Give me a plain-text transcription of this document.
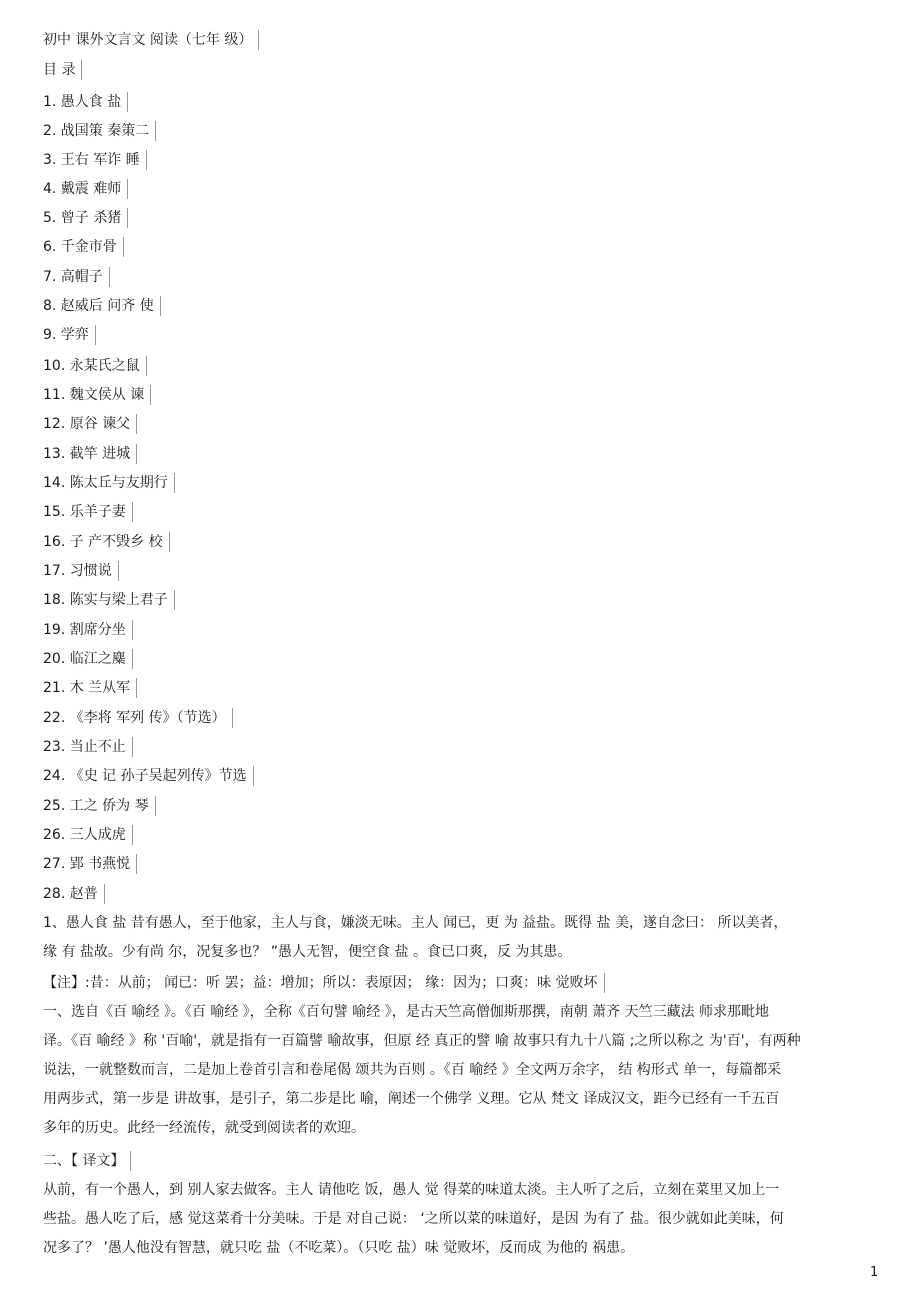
初中 课外文言文 阅读（七年 级）
目 录
1. 愚人食 盐
2. 战国策 秦策二
3. 王右 军诈 睡
4. 戴震 难师
5. 曾子 杀猪
6. 千金市骨
7. 高帽子
8. 赵威后 问齐 使
9. 学弈
10. 永某氏之鼠
11. 魏文侯从 谏
12. 原谷 谏父
13. 截竿 进城
14. 陈太丘与友期行
15. 乐羊子妻
16. 子 产不毁乡 校
17. 习惯说
18. 陈实与梁上君子
19. 割席分坐
20. 临江之麋
21. 木 兰从军
22. 《李将 军列 传》（节选）
23. 当止不止
24. 《史 记 孙子吴起列传》节选
25. 工之 侨为 琴
26. 三人成虎
27. 郢 书燕悦
28. 赵普
1、愚人食 盐 昔有愚人，至于他家，主人与食，嫌淡无味。主人 闻已，更 为 益盐。既得 盐 美，遂自念曰： 所以美者，
缘 有 盐故。少有尚 尔，况复多也？ ”愚人无智，便空食 盐 。食已口爽，反 为其患。
【注】:昔：从前； 闻已：听 罢；益：增加；所以：表原因； 缘：因为；口爽：味 觉败坏
一、选自《百 喻经 》。《百 喻经 》，全称《百句譬 喻经 》，是古天竺高僧伽斯那撰，南朝 萧齐 天竺三藏法 师求那毗地
译。《百 喻经 》称 '百喻'，就是指有一百篇譬 喻故事，但原 经 真正的譬 喻 故事只有九十八篇 ;之所以称之 为'百'，有两种
说法，一就整数而言，二是加上卷首引言和卷尾偈 颂共为百则 。《百 喻经 》全文两万余字， 结 构形式 单一，每篇都采
用两步式，第一步是 讲故事，是引子，第二步是比 喻，阐述一个佛学 义理。它从 梵文 译成汉文，距今已经有一千五百
多年的历史。此经一经流传，就受到阅读者的欢迎。
二、【 译文】
从前，有一个愚人，到 别人家去做客。主人 请他吃 饭，愚人 觉 得菜的味道太淡。主人听了之后，立刻在菜里又加上一
些盐。愚人吃了后，感 觉这菜肴十分美味。于是 对自己说： ‘之所以菜的味道好，是因 为有了 盐。很少就如此美味，何
况多了？ ’愚人他没有智慧，就只吃 盐（不吃菜）。（只吃 盐）味 觉败坏，反而成 为他的 祸患。
1
